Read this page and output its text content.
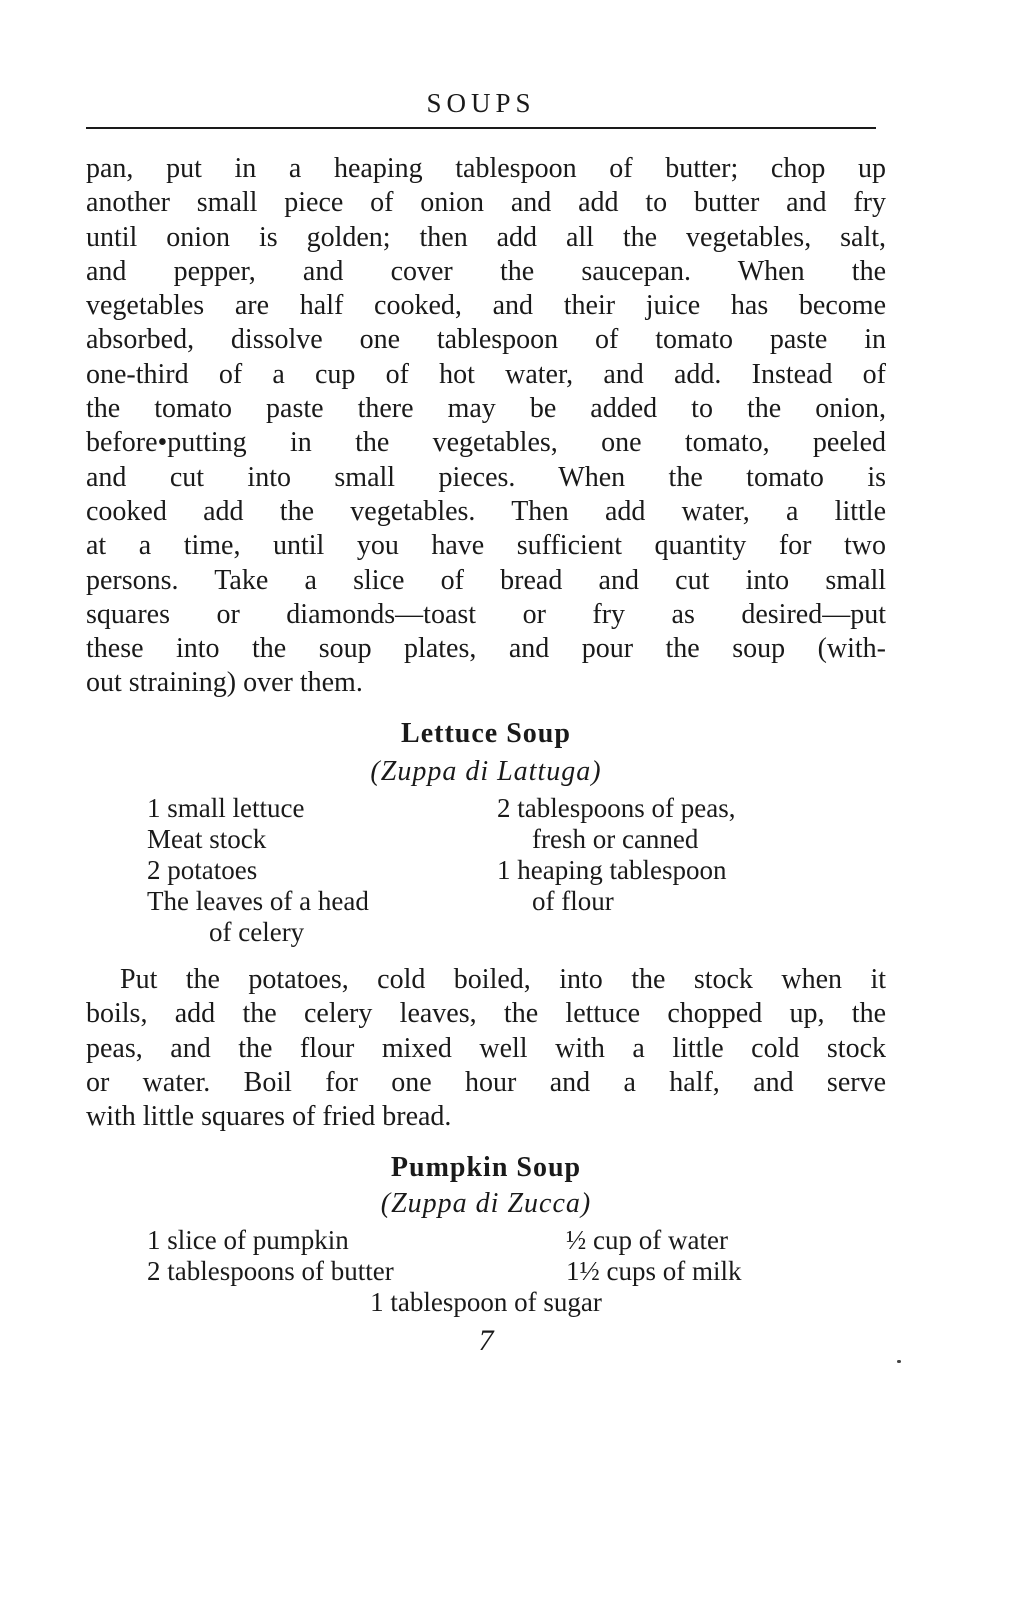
SOUPS
pan, put in a heaping tablespoon of butter; chop up
another small piece of onion and add to butter and fry
until onion is golden; then add all the vegetables, salt,
and pepper, and cover the saucepan. When the
vegetables are half cooked, and their juice has become
absorbed, dissolve one tablespoon of tomato paste in
one-third of a cup of hot water, and add. Instead of
the tomato paste there may be added to the onion,
before•putting in the vegetables, one tomato, peeled
and cut into small pieces. When the tomato is
cooked add the vegetables. Then add water, a little
at a time, until you have sufficient quantity for two
persons. Take a slice of bread and cut into small
squares or diamonds—toast or fry as desired—put
these into the soup plates, and pour the soup (with-
out straining) over them.
Lettuce Soup
(Zuppa di Lattuga)
1 small lettuce
Meat stock
2 potatoes
The leaves of a head
of celery
2 tablespoons of peas,
fresh or canned
1 heaping tablespoon
of flour
Put the potatoes, cold boiled, into the stock when it
boils, add the celery leaves, the lettuce chopped up, the
peas, and the flour mixed well with a little cold stock
or water. Boil for one hour and a half, and serve
with little squares of fried bread.
Pumpkin Soup
(Zuppa di Zucca)
1 slice of pumpkin
2 tablespoons of butter
½ cup of water
1½ cups of milk
1 tablespoon of sugar
7
